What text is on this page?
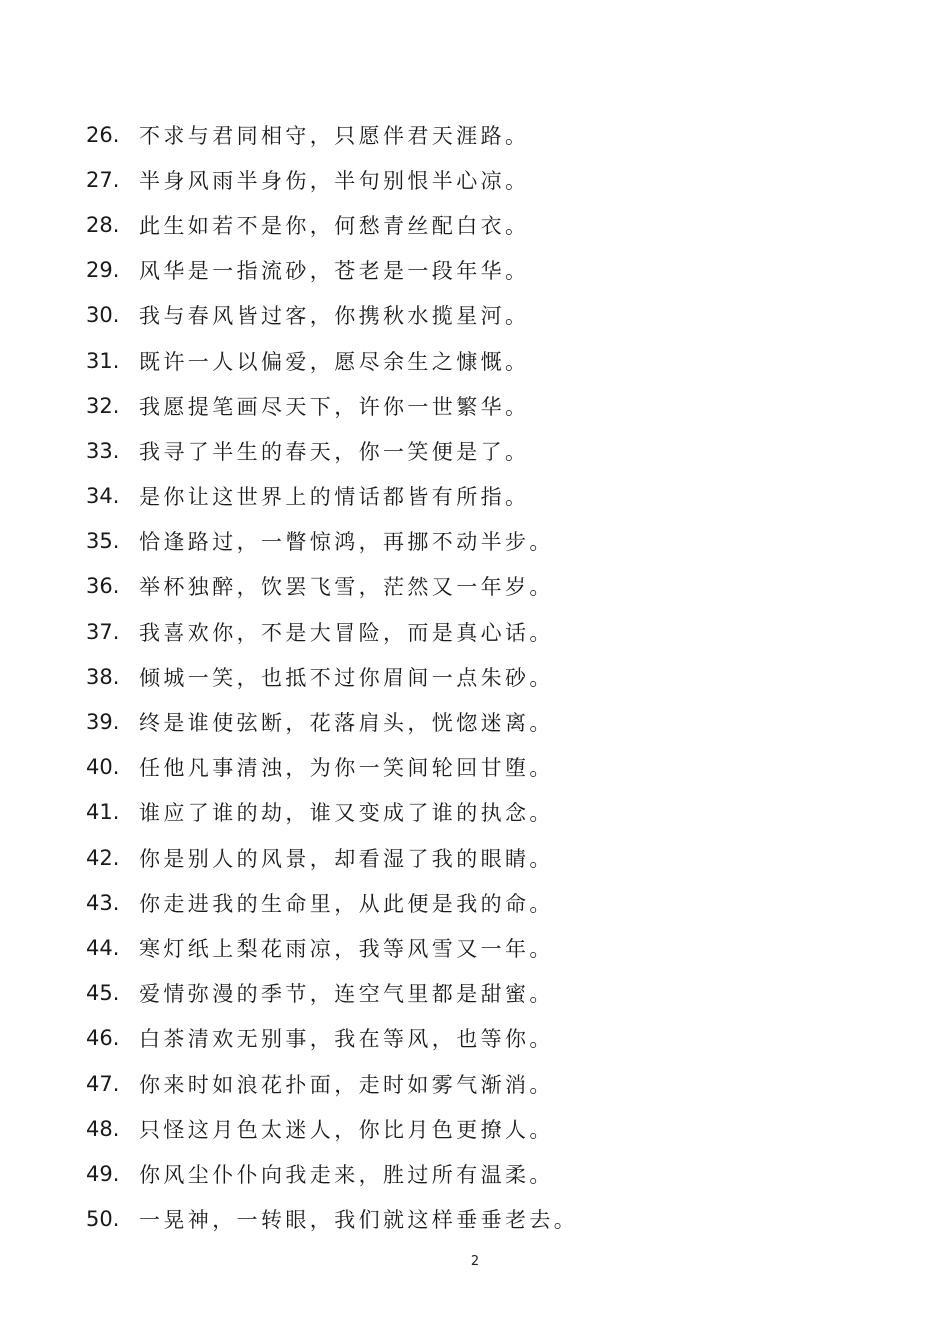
26. 不求与君同相守，只愿伴君天涯路。
27. 半身风雨半身伤，半句别恨半心凉。
28. 此生如若不是你，何愁青丝配白衣。
29. 风华是一指流砂，苍老是一段年华。
30. 我与春风皆过客，你携秋水揽星河。
31. 既许一人以偏爱，愿尽余生之慷慨。
32. 我愿提笔画尽天下，许你一世繁华。
33. 我寻了半生的春天，你一笑便是了。
34. 是你让这世界上的情话都皆有所指。
35. 恰逢路过，一瞥惊鸿，再挪不动半步。
36. 举杯独醉，饮罢飞雪，茫然又一年岁。
37. 我喜欢你，不是大冒险，而是真心话。
38. 倾城一笑，也抵不过你眉间一点朱砂。
39. 终是谁使弦断，花落肩头，恍惚迷离。
40. 任他凡事清浊，为你一笑间轮回甘堕。
41. 谁应了谁的劫，谁又变成了谁的执念。
42. 你是别人的风景，却看湿了我的眼睛。
43. 你走进我的生命里，从此便是我的命。
44. 寒灯纸上梨花雨凉，我等风雪又一年。
45. 爱情弥漫的季节，连空气里都是甜蜜。
46. 白茶清欢无别事，我在等风，也等你。
47. 你来时如浪花扑面，走时如雾气渐消。
48. 只怪这月色太迷人，你比月色更撩人。
49. 你风尘仆仆向我走来，胜过所有温柔。
50. 一晃神，一转眼，我们就这样垂垂老去。
2
